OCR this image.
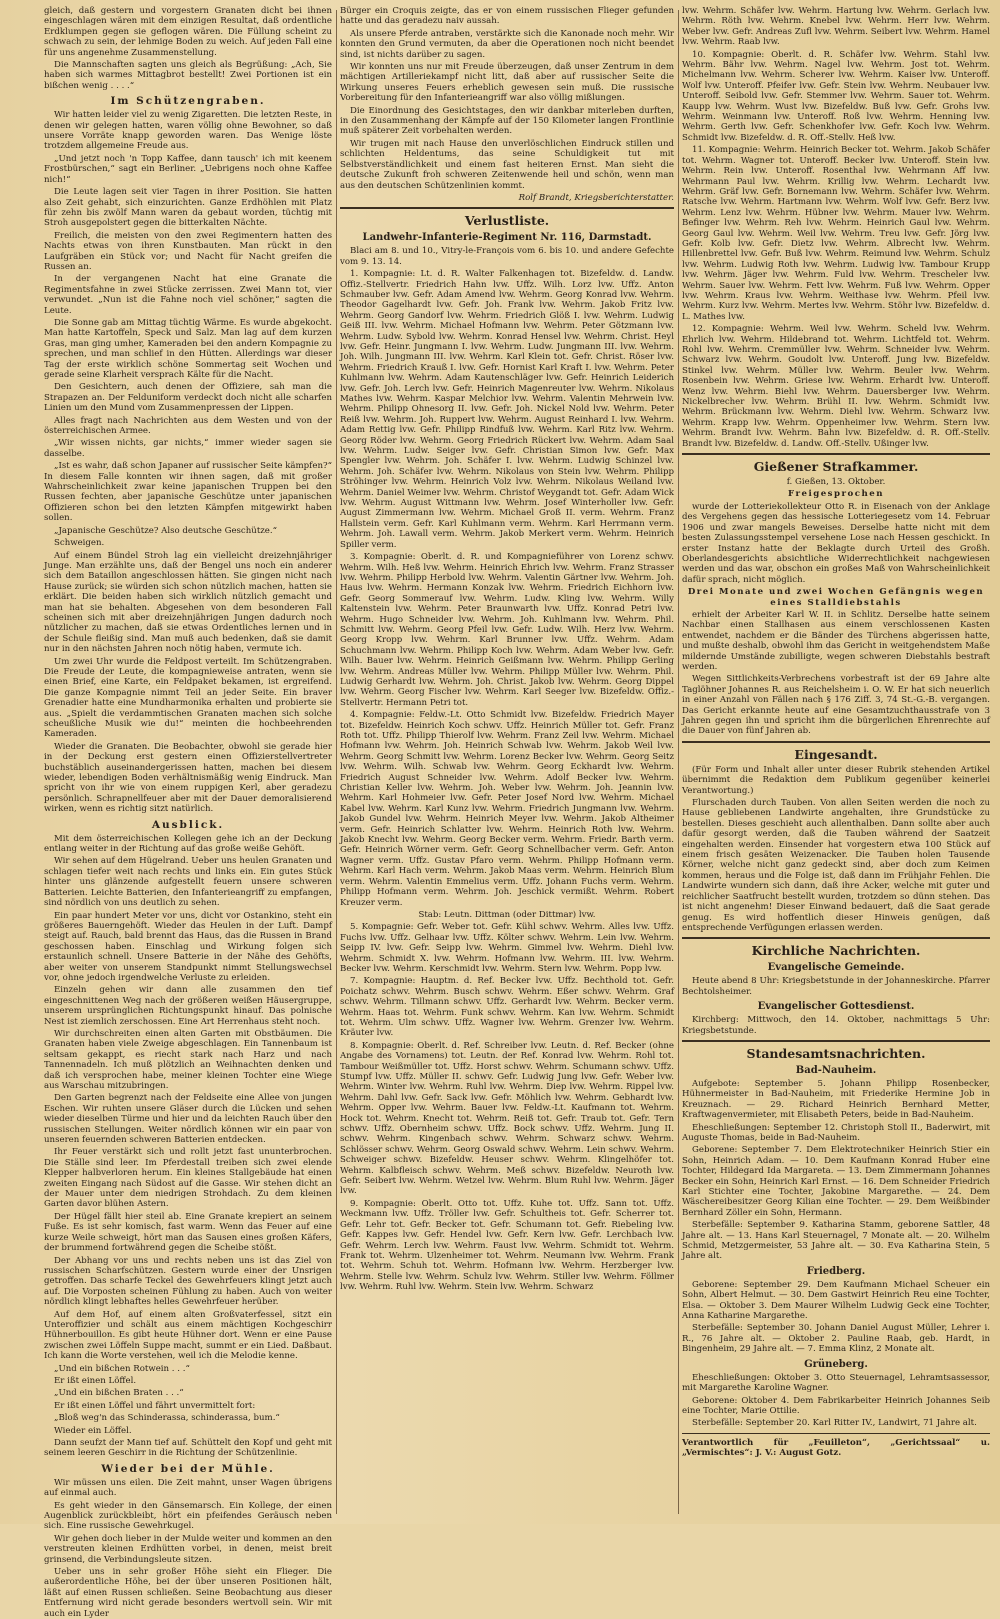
gleich, daß gestern und vorgestern Granaten dicht bei ihnen eingeschlagen wären mit dem einzigen Resultat, daß ordentliche Erdklumpen gegen sie geflogen wären. Die Füllung scheint zu schwach zu sein, der lehmige Boden zu weich. Auf jeden Fall eine für uns angenehme Zusammenstellung.

Die Mannschaften sagten uns gleich als Begrüßung: „Ach, Sie haben sich warmes Mittagbrot bestellt! Zwei Portionen ist ein bißchen wenig . . . .“

Im Schützengraben.

Wir hatten leider viel zu wenig Zigaretten. Die letzten Reste, in denen wir gelegen hatten, waren völlig ohne Bewohner, so daß unsere Vorräte knapp geworden waren. Das Wenige löste trotzdem allgemeine Freude aus.

„Und jetzt noch 'n Topp Kaffee, dann tausch' ich mit keenem Frostbürschen,“ sagt ein Berliner. „Uebrigens noch ohne Kaffee nich!“

Die Leute lagen seit vier Tagen in ihrer Position. Sie hatten also Zeit gehabt, sich einzurichten. Ganze Erdhöhlen mit Platz für zehn bis zwölf Mann waren da gebaut worden, tüchtig mit Stroh ausgepolstert gegen die bitterkalten Nächte.

Freilich, die meisten von den zwei Regimentern hatten des Nachts etwas von ihren Kunstbauten. Man rückt in den Laufgräben ein Stück vor; und Nacht für Nacht greifen die Russen an.

In der vergangenen Nacht hat eine Granate die Regimentsfahne in zwei Stücke zerrissen. Zwei Mann tot, vier verwundet. „Nun ist die Fahne noch viel schöner,“ sagten die Leute.

Die Sonne gab am Mittag tüchtig Wärme. Es wurde abgekocht. Man hatte Kartoffeln, Speck und Salz. Man lag auf dem kurzen Gras, man ging umher, Kameraden bei den andern Kompagnie zu sprechen, und man schlief in den Hütten. Allerdings war dieser Tag der erste wirklich schöne Sommertag seit Wochen und gerade seine Klarheit versprach Kälte für die Nacht.

Den Gesichtern, auch denen der Offiziere, sah man die Strapazen an. Der Felduniform verdeckt doch nicht alle scharfen Linien um den Mund vom Zusammenpressen der Lippen.

Alles fragt nach Nachrichten aus dem Westen und von der österreichischen Armee.

„Wir wissen nichts, gar nichts,“ immer wieder sagen sie dasselbe.

„Ist es wahr, daß schon Japaner auf russischer Seite kämpfen?“ In diesem Falle konnten wir ihnen sagen, daß mit großer Wahrscheinlichkeit zwar keine japanischen Truppen bei den Russen fechten, aber japanische Geschütze unter japanischen Offizieren schon bei den letzten Kämpfen mitgewirkt haben sollen.

„Japanische Geschütze? Also deutsche Geschütze.“

Schweigen.

Auf einem Bündel Stroh lag ein vielleicht dreizehnjähriger Junge. Man erzählte uns, daß der Bengel uns noch ein anderer sich dem Bataillon angeschlossen hätten. Sie gingen nicht nach Hause zurück; sie würden sich schon nützlich machen, hatten sie erklärt. Die beiden haben sich wirklich nützlich gemacht und man hat sie behalten. Abgesehen von dem besonderen Fall scheinen sich mit aber dreizehnjährigen Jungen dadurch noch nützlicher zu machen, daß sie etwas Ordentliches lernen und in der Schule fleißig sind. Man muß auch bedenken, daß sie damit nur in den nächsten Jahren noch nötig haben, vermute ich.

Um zwei Uhr wurde die Feldpost verteilt. Im Schützengraben. Die Freude der Leute, die kompagnieweise antraten, wenn sie einen Brief, eine Karte, ein Feldpaket bekamen, ist ergreifend. Die ganze Kompagnie nimmt Teil an jeder Seite. Ein braver Grenadier hatte eine Mundharmonika erhalten und probierte sie aus. „Spielt die verdammtischen Granaten machen sich solche scheußliche Musik wie du!“ meinten die hochbeehrenden Kameraden.

Wieder die Granaten. Die Beobachter, obwohl sie gerade hier in der Deckung erst gestern einen Offizierstellvertreter buchstäblich auseinandergerissen hatten, machen bei diesem wieder, lebendigen Boden verhältnismäßig wenig Eindruck. Man spricht von ihr wie von einem ruppigen Kerl, aber geradezu persönlich. Schrapnellfeuer aber mit der Dauer demoralisierend wirken, wenn es richtig sitzt natürlich.

Ausblick.

Mit dem österreichischen Kollegen gehe ich an der Deckung entlang weiter in der Richtung auf das große weiße Gehöft.

Wir sehen auf dem Hügelrand. Ueber uns heulen Granaten und schlagen tiefer weit nach rechts und links ein. Ein gutes Stück hinter uns glänzende aufgestellt feuern unsere schweren Batterien. Leichte Batterien, den Infanterieangriff zu empfangen, sind nördlich von uns deutlich zu sehen.

Ein paar hundert Meter vor uns, dicht vor Ostankino, steht ein größeres Bauerngehöft. Wieder das Heulen in der Luft. Dampf steigt auf. Rauch, bald brennt das Haus, das die Russen in Brand geschossen haben. Einschlag und Wirkung folgen sich erstaunlich schnell. Unsere Batterie in der Nähe des Gehöfts, aber weiter von unserem Standpunkt nimmt Stellungswechsel vor, ohne jedoch irgendwelche Verluste zu erleiden.

Einzeln gehen wir dann alle zusammen den tief eingeschnittenen Weg nach der größeren weißen Häusergruppe, unserem ursprünglichen Richtungspunkt hinauf. Das polnische Nest ist ziemlich zerschossen. Eine Art Herrenhaus steht noch.

Wir durchschreiten einen alten Garten mit Obstbäumen. Die Granaten haben viele Zweige abgeschlagen. Ein Tannenbaum ist seltsam gekappt, es riecht stark nach Harz und nach Tannennadeln. Ich muß plötzlich an Weihnachten denken und daß ich versprochen habe, meiner kleinen Tochter eine Wiege aus Warschau mitzubringen.

Den Garten begrenzt nach der Feldseite eine Allee von jungen Eschen. Wir ruhten unsere Gläser durch die Lücken und sehen wieder dieselben Türme und hier und da leichten Rauch über den russischen Stellungen. Weiter nördlich können wir ein paar von unseren feuernden schweren Batterien entdecken.

Ihr Feuer verstärkt sich und rollt jetzt fast ununterbrochen. Die Ställe sind leer. Im Pferdestall treiben sich zwei elende Klepper halbverloren herum. Ein kleines Stallgebäude hat einen zweiten Eingang nach Südost auf die Gasse. Wir stehen dicht an der Mauer unter dem niedrigen Strohdach. Zu dem kleinen Garten davor blühen Astern.

Der Hügel fällt hier steil ab. Eine Granate krepiert an seinem Fuße. Es ist sehr komisch, fast warm. Wenn das Feuer auf eine kurze Weile schweigt, hört man das Sausen eines großen Käfers, der brummend fortwährend gegen die Scheibe stößt.

Der Abhang vor uns und rechts neben uns ist das Ziel von russischen Scharfschützen. Gestern wurde einer der Unsrigen getroffen. Das scharfe Teckel des Gewehrfeuers klingt jetzt auch auf. Die Vorposten scheinen Fühlung zu haben. Auch von weiter nördlich klingt lebhaftes helles Gewehrfeuer herüber.

Auf dem Hof, auf einem alten Großvaterfessel, sitzt ein Unteroffizier und schält aus einem mächtigen Kochgeschirr Hühnerbouillon. Es gibt heute Hühner dort. Wenn er eine Pause zwischen zwei Löffeln Suppe macht, summt er ein Lied. Daßbaut. Ich kann die Worte verstehen, weil ich die Melodie kenne.

„Und ein bißchen Rotwein . . .“

Er ißt einen Löffel.

„Und ein bißchen Braten . . .“

Er ißt einen Löffel und fährt unvermittelt fort:

„Bloß weg'n das Schinderassa, schinderassa, bum.“

Wieder ein Löffel.

Dann seufzt der Mann tief auf. Schüttelt den Kopf und geht mit seinem leeren Geschirr in die Richtung der Schützenlinie.

Wieder bei der Mühle.

Wir müssen uns eilen. Die Zeit mahnt, unser Wagen übrigens auf einmal auch.

Es geht wieder in den Gänsemarsch. Ein Kollege, der einen Augenblick zurückbleibt, hört ein pfeifendes Geräusch neben sich. Eine russische Gewehrkugel.

Wir gehen doch lieber in der Mulde weiter und kommen an den verstreuten kleinen Erdhütten vorbei, in denen, meist breit grinsend, die Verbindungsleute sitzen.

Ueber uns in sehr großer Höhe sieht ein Flieger. Die außerordentliche Höhe, bei der über unseren Positionen hält, läßt auf einen Russen schließen. Seine Beobachtung aus dieser Entfernung wird nicht gerade besonders wertvoll sein. Wir mit auch ein Lyder

Bürger ein Croquis zeigte, das er von einem russischen Flieger gefunden hatte und das geradezu naiv aussah.

Als unsere Pferde antraben, verstärkte sich die Kanonade noch mehr. Wir konnten den Grund vermuten, da aber die Operationen noch nicht beendet sind, ist nichts darüber zu sagen.

Wir konnten uns nur mit Freude überzeugen, daß unser Zentrum in dem mächtigen Artilleriekampf nicht litt, daß aber auf russischer Seite die Wirkung unseres Feuers erheblich gewesen sein muß. Die russische Vorbereitung für den Infanterieangriff war also völlig mißlungen.

Die Einordnung des Gesichtstages, den wir dankbar miterleben durften, in den Zusammenhang der Kämpfe auf der 150 Kilometer langen Frontlinie muß späterer Zeit vorbehalten werden.

Wir trugen mit nach Hause den unverlöschlichen Eindruck stillen und schlichten Heldentums, das seine Schuldigkeit tut mit Selbstverständlichkeit und einem fast heiteren Ernst. Man sieht die deutsche Zukunft froh schweren Zeitenwende heil und schön, wenn man aus den deutschen Schützenlinien kommt.

Rolf Brandt, Kriegsberichterstatter.

Verlustliste.
Landwehr-Infanterie-Regiment Nr. 116, Darmstadt.

Blaci am 8. und 10., Vitry-le-François vom 6. bis 10. und andere Gefechte vom 9. 13. 14.

1. Kompagnie: Lt. d. R. Walter Falkenhagen tot. Bizefeldw. d. Landw. Offiz.-Stellvertr. Friedrich Hahn lvw. Uffz. Wilh. Lorz lvw. Uffz. Anton Schmauber lvw. Gefr. Adam Amend lvw. Wehrm. Georg Konrad lvw. Wehrm. Theodor Gagelhardt lvw. Gefr. Joh. Frank lvw. Wehrm. Jakob Fritz lvw. Wehrm. Georg Gandorf lvw. Wehrm. Friedrich Glöß I. lvw. Wehrm. Ludwig Geiß III. lvw. Wehrm. Michael Hofmann lvw. Wehrm. Peter Götzmann lvw. Wehrm. Ludw. Sybold lvw. Wehrm. Konrad Hensel lvw. Wehrm. Christ. Heyl lvw. Gefr. Heinr. Jungmann I. lvw. Wehrm. Ludw. Jungmann III. lvw. Wehrm. Joh. Wilh. Jungmann III. lvw. Wehrm. Karl Klein tot. Gefr. Christ. Röser lvw. Wehrm. Friedrich Krauß I. lvw. Gefr. Hornist Karl Kraft I. lvw. Wehrm. Peter Kuhlmann lvw. Wehrm. Adam Kautenschläger lvw. Gefr. Heinrich Leiderich lvw. Gefr. Joh. Lerch lvw. Gefr. Heinrich Magenreuter lvw. Wehrm. Nikolaus Mathes lvw. Wehrm. Kaspar Melchior lvw. Wehrm. Valentin Mehrwein lvw. Wehrm. Philipp Ohnesorg II. lvw. Gefr. Joh. Nickel Nold lvw. Wehrm. Peter Reiß lvw. Wehrm. Joh. Ruppert lvw. Wehrm. August Reinhard I. lvw. Wehrm. Adam Rettig lvw. Gefr. Philipp Rindfuß lvw. Wehrm. Karl Ritz lvw. Wehrm. Georg Röder lvw. Wehrm. Georg Friedrich Rückert lvw. Wehrm. Adam Saal lvw. Wehrm. Ludw. Seiger lvw. Gefr. Christian Simon lvw. Gefr. Max Spengler lvw. Wehrm. Joh. Schäfer I. lvw. Wehrm. Ludwig Schinzel lvw. Wehrm. Joh. Schäfer lvw. Wehrm. Nikolaus von Stein lvw. Wehrm. Philipp Ströhinger lvw. Wehrm. Heinrich Volz lvw. Wehrm. Nikolaus Weiland lvw. Wehrm. Daniel Weimer lvw. Wehrm. Christof Weygandt tot. Gefr. Adam Wick lvw. Wehrm. August Wittmann lvw. Wehrm. Josef Winterholler lvw. Gefr. August Zimmermann lvw. Wehrm. Michael Groß II. verm. Wehrm. Franz Hallstein verm. Gefr. Karl Kuhlmann verm. Wehrm. Karl Herrmann verm. Wehrm. Joh. Lawall verm. Wehrm. Jakob Merkert verm. Wehrm. Heinrich Spiller verm.

3. Kompagnie: Oberlt. d. R. und Kompagnieführer von Lorenz schwv. Wehrm. Wilh. Heß lvw. Wehrm. Heinrich Ehrich lvw. Wehrm. Franz Strasser lvw. Wehrm. Philipp Herbold lvw. Wehrm. Valentin Gärtner lvw. Wehrm. Joh. Haus lvw. Wehrm. Hermann Konzak lvw. Wehrm. Friedrich Eichhorn lvw. Gefr. Georg Sommerauf lvw. Wehrm. Ludw. Kling lvw. Wehrm. Willy Kaltenstein lvw. Wehrm. Peter Braunwarth lvw. Uffz. Konrad Petri lvw. Wehrm. Hugo Schneider lvw. Wehrm. Joh. Kuhlmann lvw. Wehrm. Phil. Schmitt lvw. Wehrm. Georg Pfeil lvw. Gefr. Ludw. Wilh. Herz lvw. Wehrm. Georg Kropp lvw. Wehrm. Karl Brunner lvw. Uffz. Wehrm. Adam Schuchmann lvw. Wehrm. Philipp Koch lvw. Wehrm. Adam Weber lvw. Gefr. Wilh. Bauer lvw. Wehrm. Heinrich Geißmann lvw. Wehrm. Philipp Gerling lvw. Wehrm. Andreas Müller lvw. Wehrm. Philipp Müller lvw. Wehrm. Phil. Ludwig Gerhardt lvw. Wehrm. Joh. Christ. Jakob lvw. Wehrm. Georg Dippel lvw. Wehrm. Georg Fischer lvw. Wehrm. Karl Seeger lvw. Bizefeldw. Offiz.-Stellvertr. Hermann Petri tot.

4. Kompagnie: Feldw.-Lt. Otto Schmidt lvw. Bizefeldw. Friedrich Mayer tot. Bizefeldw. Heinrich Koch schwv. Uffz. Heinrich Müller tot. Gefr. Franz Roth tot. Uffz. Philipp Thierolf lvw. Wehrm. Franz Zeil lvw. Wehrm. Michael Hofmann lvw. Wehrm. Joh. Heinrich Schwab lvw. Wehrm. Jakob Weil lvw. Wehrm. Georg Schmitt lvw. Wehrm. Lorenz Becker lvw. Wehrm. Georg Seitz lvw. Wehrm. Wilh. Schwab lvw. Wehrm. Georg Eckhardt lvw. Wehrm. Friedrich August Schneider lvw. Wehrm. Adolf Becker lvw. Wehrm. Christian Keller lvw. Wehrm. Joh. Weber lvw. Wehrm. Joh. Jeannin lvw. Wehrm. Karl Hohmeier lvw. Gefr. Peter Josef Nord lvw. Wehrm. Michael Kabel lvw. Wehrm. Karl Kunz lvw. Wehrm. Friedrich Jungmann lvw. Wehrm. Jakob Gundel lvw. Wehrm. Heinrich Meyer lvw. Wehrm. Jakob Altheimer verm. Gefr. Heinrich Schlatter lvw. Wehrm. Heinrich Roth lvw. Wehrm. Jakob Knecht lvw. Wehrm. Georg Becker verm. Wehrm. Friedr. Barth verm. Gefr. Heinrich Wörner verm. Gefr. Georg Schnellbacher verm. Gefr. Anton Wagner verm. Uffz. Gustav Pfaro verm. Wehrm. Philipp Hofmann verm. Wehrm. Karl Hach verm. Wehrm. Jakob Maas verm. Wehrm. Heinrich Blum verm. Wehrm. Valentin Emmelius verm. Uffz. Johann Fuchs verm. Wehrm. Philipp Hofmann verm. Wehrm. Joh. Jeschick vermißt. Wehrm. Robert Kreuzer verm.

Stab: Leutn. Dittman (oder Dittmar) lvw.

5. Kompagnie: Gefr. Weber tot. Gefr. Kühl schwv. Wehrm. Alles lvw. Uffz. Fuchs lvw. Uffz. Gelhaar lvw. Uffz. Költer schwv. Wehrm. Lein lvw. Wehrm. Seipp IV. lvw. Gefr. Seipp lvw. Wehrm. Gimmel lvw. Wehrm. Diehl lvw. Wehrm. Schmidt X. lvw. Wehrm. Hofmann lvw. Wehrm. III. lvw. Wehrm. Becker lvw. Wehrm. Kerschmidt lvw. Wehrm. Stern lvw. Wehrm. Popp lvw.

7. Kompagnie: Hauptm. d. Ref. Becker lvw. Uffz. Bechthold tot. Gefr. Poichatz schwv. Wehrm. Busch schwv. Wehrm. Eßer schwv. Wehrm. Graf schwv. Wehrm. Tillmann schwv. Uffz. Gerhardt lvw. Wehrm. Becker verm. Wehrm. Haas tot. Wehrm. Funk schwv. Wehrm. Kan lvw. Wehrm. Schmidt tot. Wehrm. Ulm schwv. Uffz. Wagner lvw. Wehrm. Grenzer lvw. Wehrm. Kräuter lvw.

8. Kompagnie: Oberlt. d. Ref. Schreiber lvw. Leutn. d. Ref. Becker (ohne Angabe des Vornamens) tot. Leutn. der Ref. Konrad lvw. Wehrm. Rohl tot. Tambour Weißmüller tot. Uffz. Horst schwv. Wehrm. Schumann schwv. Uffz. Stumpf lvw. Uffz. Müller II. schwv. Gefr. Ludwig Jung lvw. Gefr. Weber lvw. Wehrm. Winter lvw. Wehrm. Ruhl lvw. Wehrm. Diep lvw. Wehrm. Rippel lvw. Wehrm. Dahl lvw. Gefr. Sack lvw. Gefr. Möhlich lvw. Wehrm. Gebhardt lvw. Wehrm. Opper lvw. Wehrm. Bauer lvw. Feldw.-Lt. Kaufmann tot. Wehrm. Hock tot. Wehrm. Knecht tot. Wehrm. Reiß tot. Gefr. Traub tot. Gefr. Tern schwv. Uffz. Obernheim schwv. Uffz. Bock schwv. Uffz. Wehrm. Jung II. schwv. Wehrm. Kingenbach schwv. Wehrm. Schwarz schwv. Wehrm. Schlösser schwv. Wehrm. Georg Oswald schwv. Wehrm. Lein schwv. Wehrm. Schweiger schwv. Bizefeldw. Heuser schwv. Wehrm. Klingelhöfer tot. Wehrm. Kalbfleisch schwv. Wehrm. Meß schwv. Bizefeldw. Neuroth lvw. Gefr. Seibert lvw. Wehrm. Wetzel lvw. Wehrm. Blum Ruhl lvw. Wehrm. Jäger lvw.

9. Kompagnie: Oberlt. Otto tot. Uffz. Kuhe tot. Uffz. Sann tot. Uffz. Weckmann lvw. Uffz. Tröller lvw. Gefr. Schultheis tot. Gefr. Scherrer tot. Gefr. Lehr tot. Gefr. Becker tot. Gefr. Schumann tot. Gefr. Riebeling lvw. Gefr. Kappes lvw. Gefr. Hendel lvw. Gefr. Kern lvw. Gefr. Lerchbach lvw. Gefr. Wehrm. Lerch lvw. Wehrm. Faust lvw. Wehrm. Schmidt tot. Wehrm. Frank tot. Wehrm. Ulzenheimer tot. Wehrm. Neumann lvw. Wehrm. Frank tot. Wehrm. Schuh tot. Wehrm. Hofmann lvw. Wehrm. Herzberger lvw. Wehrm. Stelle lvw. Wehrm. Schulz lvw. Wehrm. Stiller lvw. Wehrm. Föllmer lvw. Wehrm. Ruhl lvw. Wehrm. Stein lvw. Wehrm. Schwarz

lvw. Wehrm. Schäfer lvw. Wehrm. Hartung lvw. Wehrm. Gerlach lvw. Wehrm. Röth lvw. Wehrm. Knebel lvw. Wehrm. Herr lvw. Wehrm. Weber lvw. Gefr. Andreas Zufl lvw. Wehrm. Seibert lvw. Wehrm. Hamel lvw. Wehrm. Raab lvw.

10. Kompagnie: Oberlt. d. R. Schäfer lvw. Wehrm. Stahl lvw. Wehrm. Bähr lvw. Wehrm. Nagel lvw. Wehrm. Jost tot. Wehrm. Michelmann lvw. Wehrm. Scherer lvw. Wehrm. Kaiser lvw. Unteroff. Wolf lvw. Unteroff. Pfeifer lvw. Gefr. Stein lvw. Wehrm. Neubauer lvw. Unteroff. Seibold lvw. Gefr. Stemmer lvw. Wehrm. Sauer tot. Wehrm. Kaupp lvw. Wehrm. Wust lvw. Bizefeldw. Buß lvw. Gefr. Grohs lvw. Wehrm. Weinmann lvw. Unteroff. Roß lvw. Wehrm. Henning lvw. Wehrm. Gerth lvw. Gefr. Schenkhofer lvw. Gefr. Koch lvw. Wehrm. Schmidt lvw. Bizefeldw. d. R. Off.-Stellv. Heß lvw.

11. Kompagnie: Wehrm. Heinrich Becker tot. Wehrm. Jakob Schäfer tot. Wehrm. Wagner tot. Unteroff. Becker lvw. Unteroff. Stein lvw. Wehrm. Rein lvw. Unteroff. Rosenthal lvw. Wehrmann Aff lvw. Wehrmann Paul lvw. Wehrm. Krillig lvw. Wehrm. Lechardt lvw. Wehrm. Gräf lvw. Gefr. Bornemann lvw. Wehrm. Schäfer lvw. Wehrm. Ratsche lvw. Wehrm. Hartmann lvw. Wehrm. Wolf lvw. Gefr. Berz lvw. Wehrm. Lenz lvw. Wehrm. Hübner lvw. Wehrm. Mauer lvw. Wehrm. Befinger lvw. Wehrm. Reh lvw. Wehrm. Heinrich Gaul lvw. Wehrm. Georg Gaul lvw. Wehrm. Weil lvw. Wehrm. Treu lvw. Gefr. Jörg lvw. Gefr. Kolb lvw. Gefr. Dietz lvw. Wehrm. Albrecht lvw. Wehrm. Hillenbrettel lvw. Gefr. Buß lvw. Wehrm. Reimund lvw. Wehrm. Schulz lvw. Wehrm. Ludwig Roth lvw. Wehrm. Ludwig lvw. Tambour Krupp lvw. Wehrm. Jäger lvw. Wehrm. Fuld lvw. Wehrm. Trescheler lvw. Wehrm. Sauer lvw. Wehrm. Fett lvw. Wehrm. Fuß lvw. Wehrm. Opper lvw. Wehrm. Kraus lvw. Wehrm. Weithase lvw. Wehrm. Pfeil lvw. Wehrm. Kurz lvw. Wehrm. Mertes lvw. Wehrm. Stöhr lvw. Bizefeldw. d. L. Mathes lvw.

12. Kompagnie: Wehrm. Weil lvw. Wehrm. Scheld lvw. Wehrm. Ehrlich lvw. Wehrm. Hildebrand tot. Wehrm. Lichtfeld tot. Wehrm. Rohl lvw. Wehrm. Cremmüller lvw. Wehrm. Schneider lvw. Wehrm. Schwarz lvw. Wehrm. Goudolt lvw. Unteroff. Jung lvw. Bizefeldw. Stinkel lvw. Wehrm. Müller lvw. Wehrm. Beuler lvw. Wehrm. Rosenbein lvw. Wehrm. Griese lvw. Wehrm. Erhardt lvw. Unteroff. Wenz lvw. Wehrm. Biehl lvw. Wehrm. Dauersberger lvw. Wehrm. Nickelbrecher lvw. Wehrm. Brühl II. lvw. Wehrm. Schmidt lvw. Wehrm. Brückmann lvw. Wehrm. Diehl lvw. Wehrm. Schwarz lvw. Wehrm. Krapp lvw. Wehrm. Oppenheimer lvw. Wehrm. Stern lvw. Wehrm. Brandt lvw. Wehrm. Bahn lvw. Bizefeldw. d. R. Off.-Stellv. Brandt lvw. Bizefeldw. d. Landw. Off.-Stellv. Ußinger lvw.

Gießener Strafkammer.

f. Gießen, 13. Oktober.

Freigesprochen

wurde der Lotteriekollekteur Otto R. in Eisenach von der Anklage des Vergehens gegen das hessische Lotteriegesetz vom 14. Februar 1906 und zwar mangels Beweises. Derselbe hatte nicht mit dem besten Zulassungsstempel versehene Lose nach Hessen geschickt. In erster Instanz hatte der Beklagte durch Urteil des Großh. Oberlandesgerichts absichtliche Widerrechtlichkeit nachgewiesen werden und das war, obschon ein großes Maß von Wahrscheinlichkeit dafür sprach, nicht möglich.

Drei Monate und zwei Wochen Gefängnis wegen eines Stalldiebstahls

erhielt der Arbeiter Karl W. II. in Schlitz. Derselbe hatte seinem Nachbar einen Stallhasen aus einem verschlossenen Kasten entwendet, nachdem er die Bänder des Türchens abgerissen hatte, und mußte deshalb, obwohl ihm das Gericht in weitgehendstem Maße mildernde Umstände zubilligte, wegen schweren Diebstahls bestraft werden.

Wegen Sittlichkeits-Verbrechens vorbestraft ist der 69 Jahre alte Taglöhner Johannes R. aus Reichelsheim i. O. W. Er hat sich neuerlich in einer Anzahl von Fällen nach § 176 Ziff. 3, 74 St.-G.-B. vergangen. Das Gericht erkannte heute auf eine Gesamtzuchthausstrafe von 3 Jahren gegen ihn und spricht ihm die bürgerlichen Ehrenrechte auf die Dauer von fünf Jahren ab.

Eingesandt.

(Für Form und Inhalt aller unter dieser Rubrik stehenden Artikel übernimmt die Redaktion dem Publikum gegenüber keinerlei Verantwortung.)

Flurschaden durch Tauben. Von allen Seiten werden die noch zu Hause gebliebenen Landwirte angehalten, ihre Grundstücke zu bestellen. Dieses geschieht auch allenthalben. Dann sollte aber auch dafür gesorgt werden, daß die Tauben während der Saatzeit eingehalten werden. Einsender hat vorgestern etwa 100 Stück auf einem frisch gesäten Weizenacker. Die Tauben holen Tausende Körner, welche nicht ganz gedeckt sind, aber doch zum Keimen kommen, heraus und die Folge ist, daß dann im Frühjahr Fehlen. Die Landwirte wundern sich dann, daß ihre Acker, welche mit guter und reichlicher Saatfrucht bestellt wurden, trotzdem so dünn stehen. Das ist nicht angenehm! Dieser Einwand bedauert, daß die Saat gerade genug. Es wird hoffentlich dieser Hinweis genügen, daß entsprechende Verfügungen erlassen werden.

Kirchliche Nachrichten.
Evangelische Gemeinde.

Heute abend 8 Uhr: Kriegsbetstunde in der Johanneskirche. Pfarrer Bechtolsheimer.

Evangelischer Gottesdienst.

Kirchberg: Mittwoch, den 14. Oktober, nachmittags 5 Uhr: Kriegsbetstunde.

Standesamtsnachrichten.
Bad-Nauheim.

Aufgebote: September 5. Johann Philipp Rosenbecker, Hühnermeister in Bad-Nauheim, mit Friederike Hermine Job in Kreuznach. — 29. Richard Heinrich Bernhard Metter, Kraftwagenvermieter, mit Elisabeth Peters, beide in Bad-Nauheim.

Eheschließungen: September 12. Christoph Stoll II., Baderwirt, mit Auguste Thomas, beide in Bad-Nauheim.

Geborene: September 7. Dem Elektrotechniker Heinrich Stier ein Sohn, Heinrich Adam. — 10. Dem Kaufmann Konrad Huber eine Tochter, Hildegard Ida Margareta. — 13. Dem Zimmermann Johannes Becker ein Sohn, Heinrich Karl Ernst. — 16. Dem Schneider Friedrich Karl Stichter eine Tochter, Jakobine Margarethe. — 24. Dem Wäschereibesitzer Georg Kilian eine Tochter. — 29. Dem Weißbinder Bernhard Zöller ein Sohn, Hermann.

Sterbefälle: September 9. Katharina Stamm, geborene Sattler, 48 Jahre alt. — 13. Hans Karl Steuernagel, 7 Monate alt. — 20. Wilhelm Schmid, Metzgermeister, 53 Jahre alt. — 30. Eva Katharina Stein, 5 Jahre alt.

Friedberg.

Geborene: September 29. Dem Kaufmann Michael Scheuer ein Sohn, Albert Helmut. — 30. Dem Gastwirt Heinrich Reu eine Tochter, Elsa. — Oktober 3. Dem Maurer Wilhelm Ludwig Geck eine Tochter, Anna Katharine Margarethe.

Sterbefälle: September 30. Johann Daniel August Müller, Lehrer i. R., 76 Jahre alt. — Oktober 2. Pauline Raab, geb. Hardt, in Bingenheim, 29 Jahre alt. — 7. Emma Klinz, 2 Monate alt.

Grüneberg.

Eheschließungen: Oktober 3. Otto Steuernagel, Lehramtsassessor, mit Margarethe Karoline Wagner.

Geborene: Oktober 4. Dem Fabrikarbeiter Heinrich Johannes Seib eine Tochter, Marie Ottilie.

Sterbefälle: September 20. Karl Ritter IV., Landwirt, 71 Jahre alt.

Verantwortlich für „Feuilleton“, „Gerichtssaal“ u. „Vermischtes“: J. V.: August Gotz.
